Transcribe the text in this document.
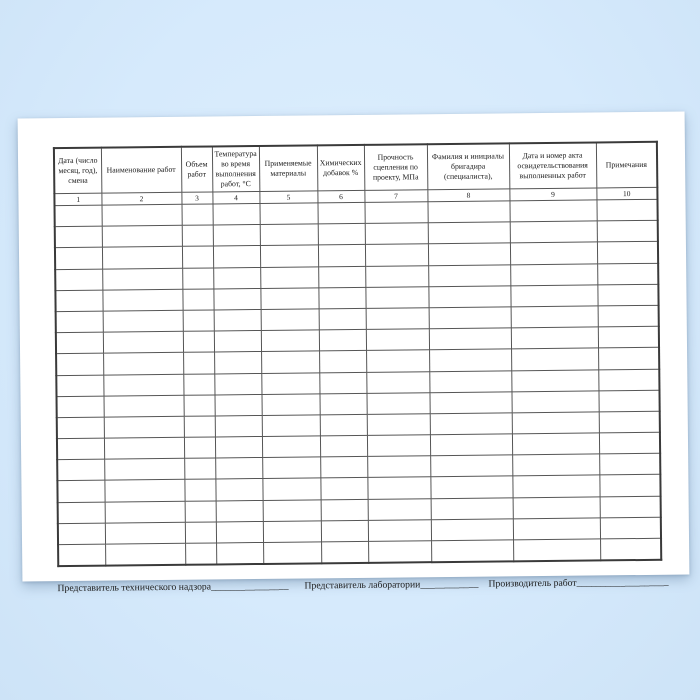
Дата (число месяц, год), смена	Наименование работ	Объем работ	Температура во время выполнения работ, °С	Применяемые материалы	Химических добавок %	Прочность сцепления по проекту, МПа	Фамилия и инициалы бригадира (специалиста),	Дата и номер акта освидетельствования выполненных работ	Примечания
1	2	3	4	5	6	7	8	9	10

Представитель технического надзора________________ Представитель лаборатории____________ Производитель работ___________________
